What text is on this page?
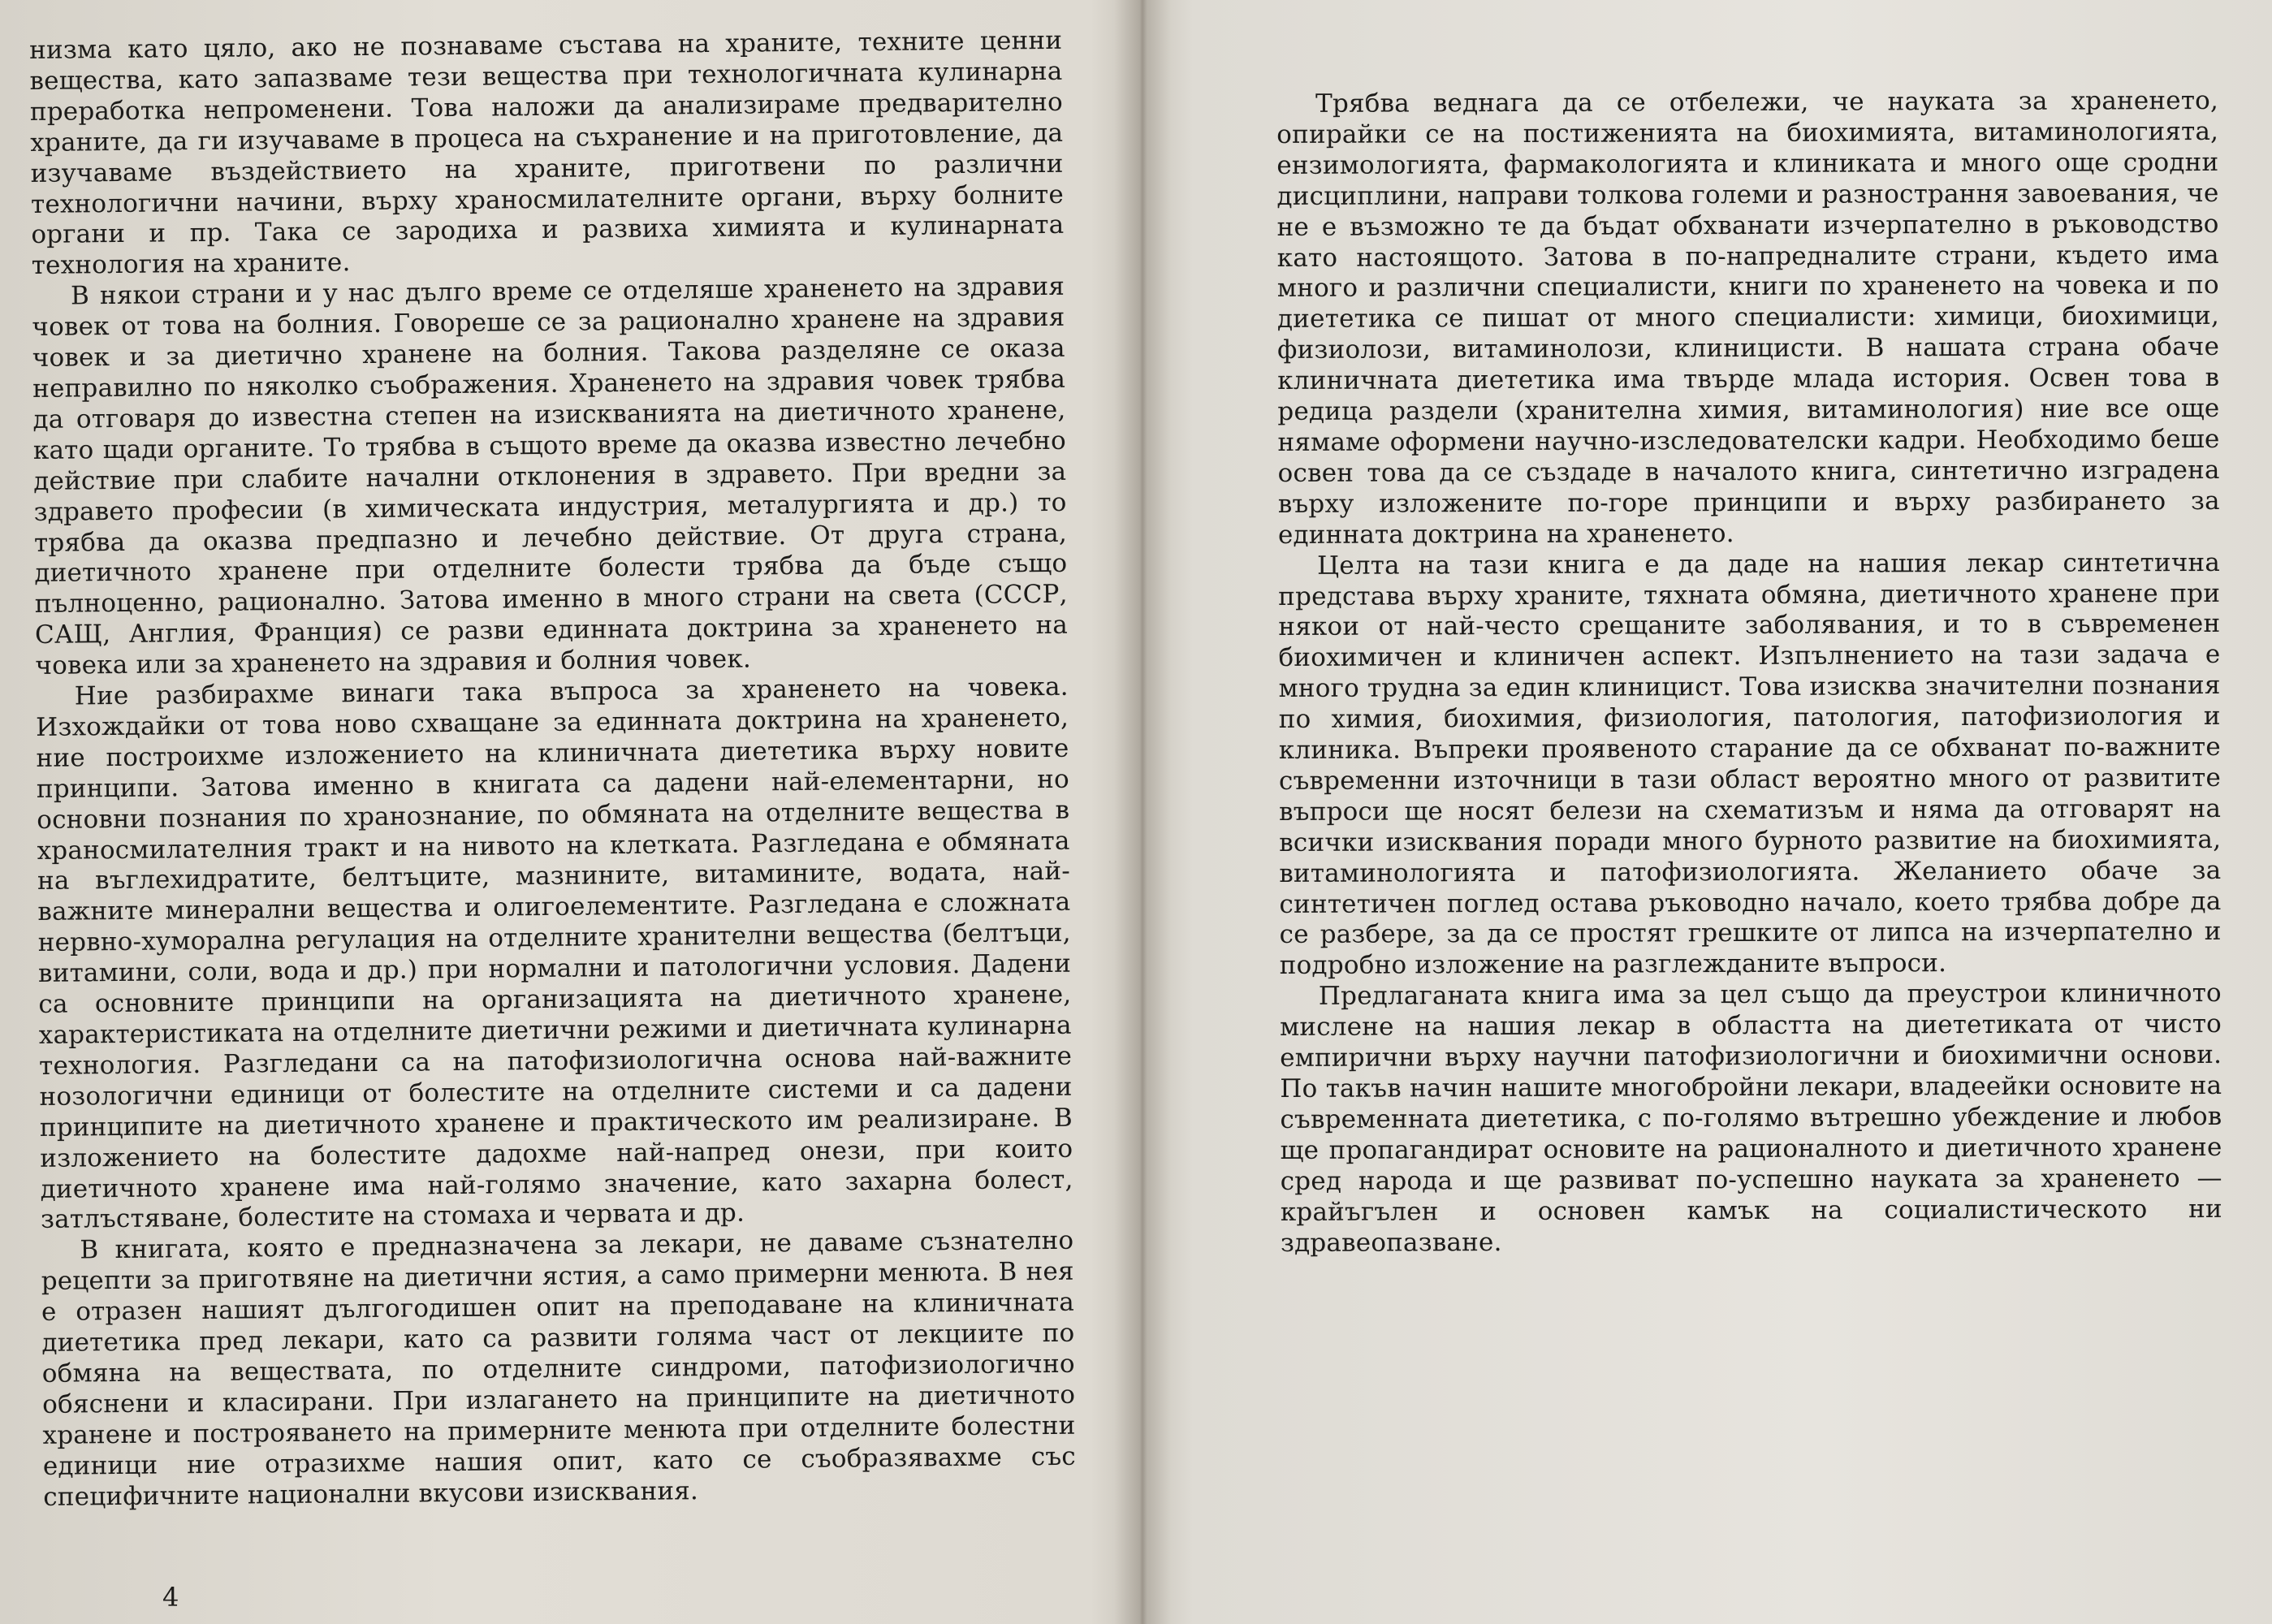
низма като цяло, ако не познаваме състава на храните, техните ценни вещества, като запазваме тези вещества при технологичната кулинарна преработка непроменени. Това наложи да анализираме предварително храните, да ги изучаваме в процеса на съхранение и на приготовление, да изучаваме въздействието на храните, приготвени по различни технологични начини, върху храносмилателните органи, върху болните органи и пр. Така се зародиха и развиха химията и кулинарната технология на храните.

В някои страни и у нас дълго време се отделяше храненето на здравия човек от това на болния. Говореше се за рационално хранене на здравия човек и за диетично хранене на болния. Такова разделяне се оказа неправилно по няколко съображения. Храненето на здравия човек трябва да отговаря до известна степен на изискванията на диетичното хранене, като щади органите. То трябва в същото време да оказва известно лечебно действие при слабите начални отклонения в здравето. При вредни за здравето професии (в химическата индустрия, металургията и др.) то трябва да оказва предпазно и лечебно действие. От друга страна, диетичното хранене при отделните болести трябва да бъде също пълноценно, рационално. Затова именно в много страни на света (СССР, САЩ, Англия, Франция) се разви единната доктрина за храненето на човека или за храненето на здравия и болния човек.

Ние разбирахме винаги така въпроса за храненето на човека. Изхождайки от това ново схващане за единната доктрина на храненето, ние построихме изложението на клиничната диететика върху новите принципи. Затова именно в книгата са дадени най-елементарни, но основни познания по хранознание, по обмяната на отделните вещества в храносмилателния тракт и на нивото на клетката. Разгледана е обмяната на въглехидратите, белтъците, мазнините, витамините, водата, най-важните минерални вещества и олигоелементите. Разгледана е сложната нервно-хуморална регулация на отделните хранителни вещества (белтъци, витамини, соли, вода и др.) при нормални и патологични условия. Дадени са основните принципи на организацията на диетичното хранене, характеристиката на отделните диетични режими и диетичната кулинарна технология. Разгледани са на патофизиологична основа най-важните нозологични единици от болестите на отделните системи и са дадени принципите на диетичното хранене и практическото им реализиране. В изложението на болестите дадохме най-напред онези, при които диетичното хранене има най-голямо значение, като захарна болест, затлъстяване, болестите на стомаха и червата и др.

В книгата, която е предназначена за лекари, не даваме съзнателно рецепти за приготвяне на диетични ястия, а само примерни менюта. В нея е отразен нашият дългогодишен опит на преподаване на клиничната диететика пред лекари, като са развити голяма част от лекциите по обмяна на веществата, по отделните синдроми, патофизиологично обяснени и класирани. При излагането на принципите на диетичното хранене и построяването на примерните менюта при отделните болестни единици ние отразихме нашия опит, като се съобразявахме със специфичните национални вкусови изисквания.

4

Трябва веднага да се отбележи, че науката за храненето, опирайки се на постиженията на биохимията, витаминологията, ензимологията, фармакологията и клиниката и много още сродни дисциплини, направи толкова големи и разнострання завоевания, че не е възможно те да бъдат обхванати изчерпателно в ръководство като настоящото. Затова в по-напредналите страни, където има много и различни специалисти, книги по храненето на човека и по диететика се пишат от много специалисти: химици, биохимици, физиолози, витаминолози, клиницисти. В нашата страна обаче клиничната диететика има твърде млада история. Освен това в редица раздели (хранителна химия, витаминология) ние все още нямаме оформени научно-изследователски кадри. Необходимо беше освен това да се създаде в началото книга, синтетично изградена върху изложените по-горе принципи и върху разбирането за единната доктрина на храненето.

Целта на тази книга е да даде на нашия лекар синтетична представа върху храните, тяхната обмяна, диетичното хранене при някои от най-често срещаните заболявания, и то в съвременен биохимичен и клиничен аспект. Изпълнението на тази задача е много трудна за един клиницист. Това изисква значителни познания по химия, биохимия, физиология, патология, патофизиология и клиника. Въпреки проявеното старание да се обхванат по-важните съвременни източници в тази област вероятно много от развитите въпроси ще носят белези на схематизъм и няма да отговарят на всички изисквания поради много бурното развитие на биохимията, витаминологията и патофизиологията. Желанието обаче за синтетичен поглед остава ръководно начало, което трябва добре да се разбере, за да се простят грешките от липса на изчерпателно и подробно изложение на разглежданите въпроси.

Предлаганата книга има за цел също да преустрои клиничното мислене на нашия лекар в областта на диететиката от чисто емпирични върху научни патофизиологични и биохимични основи. По такъв начин нашите многобройни лекари, владеейки основите на съвременната диететика, с по-голямо вътрешно убеждение и любов ще пропагандират основите на рационалното и диетичното хранене сред народа и ще развиват по-успешно науката за храненето — крайъгълен и основен камък на социалистическото ни здравеопазване.
